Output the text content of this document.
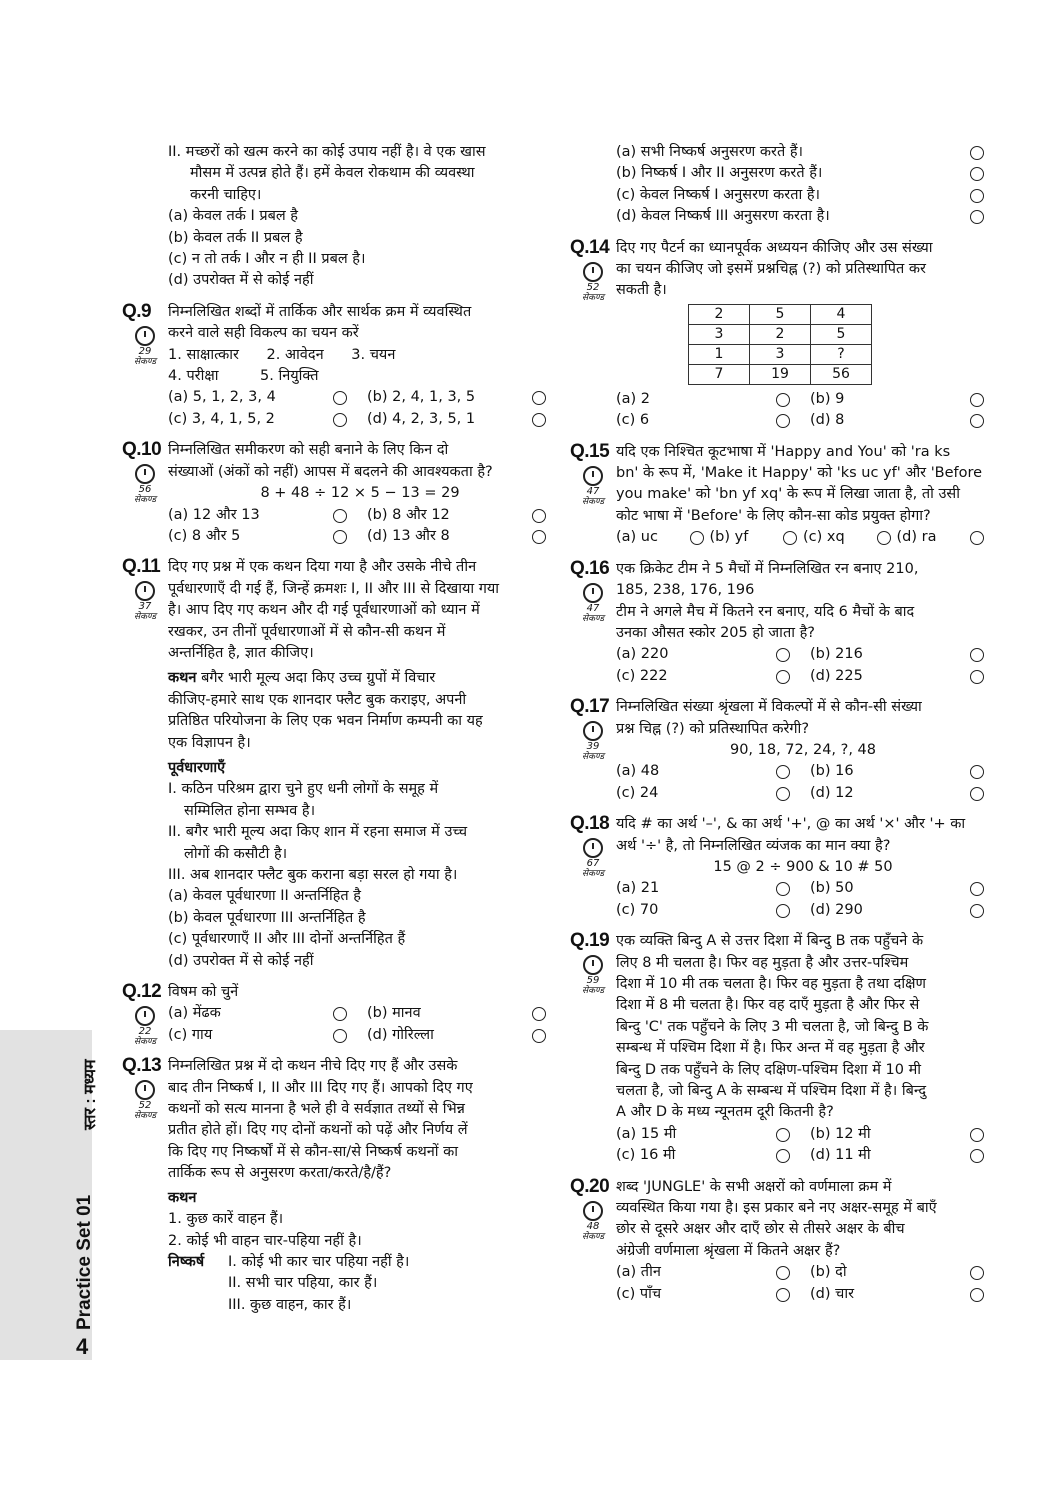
II. मच्छरों को खत्म करने का कोई उपाय नहीं है। वे एक खास

मौसम में उत्पन्न होते हैं। हमें केवल रोकथाम की व्यवस्था

करनी चाहिए।

(a) केवल तर्क I प्रबल है

(b) केवल तर्क II प्रबल है

(c) न तो तर्क I और न ही II प्रबल है।

(d) उपरोक्त में से कोई नहीं

Q.9
29
सेकण्ड

निम्नलिखित शब्दों में तार्किक और सार्थक क्रम में व्यवस्थित

करने वाले सही विकल्प का चयन करें

1. साक्षात्कार 2. आवेदन 3. चयन

4. परीक्षा	5. नियुक्ति

(a) 5, 1, 2, 3, 4	(b) 2, 4, 1, 3, 5
(c) 3, 4, 1, 5, 2	(d) 4, 2, 3, 5, 1
Q.10
56
सेकण्ड

निम्नलिखित समीकरण को सही बनाने के लिए किन दो

संख्याओं (अंकों को नहीं) आपस में बदलने की आवश्यकता है?

8 + 48 ÷ 12 × 5 − 13 = 29

(a) 12 और 13	(b) 8 और 12
(c) 8 और 5	(d) 13 और 8
Q.11
37
सेकण्ड

दिए गए प्रश्न में एक कथन दिया गया है और उसके नीचे तीन

पूर्वधारणाएँ दी गई हैं, जिन्हें क्रमशः I, II और III से दिखाया गया

है। आप दिए गए कथन और दी गई पूर्वधारणाओं को ध्यान में

रखकर, उन तीनों पूर्वधारणाओं में से कौन-सी कथन में

अन्तर्निहित है, ज्ञात कीजिए।

कथन बगैर भारी मूल्य अदा किए उच्च ग्रुपों में विचार

कीजिए-हमारे साथ एक शानदार फ्लैट बुक कराइए, अपनी

प्रतिष्ठित परियोजना के लिए एक भवन निर्माण कम्पनी का यह

एक विज्ञापन है।

पूर्वधारणाएँ

I. कठिन परिश्रम द्वारा चुने हुए धनी लोगों के समूह में

सम्मिलित होना सम्भव है।

II. बगैर भारी मूल्य अदा किए शान में रहना समाज में उच्च

लोगों की कसौटी है।

III. अब शानदार फ्लैट बुक कराना बड़ा सरल हो गया है।

(a) केवल पूर्वधारणा II अन्तर्निहित है

(b) केवल पूर्वधारणा III अन्तर्निहित है

(c) पूर्वधारणाएँ II और III दोनों अन्तर्निहित हैं

(d) उपरोक्त में से कोई नहीं

Q.12
22
सेकण्ड

विषम को चुनें

(a) मेंढक	(b) मानव
(c) गाय	(d) गोरिल्ला
Q.13
52
सेकण्ड

निम्नलिखित प्रश्न में दो कथन नीचे दिए गए हैं और उसके

बाद तीन निष्कर्ष I, II और III दिए गए हैं। आपको दिए गए

कथनों को सत्य मानना है भले ही वे सर्वज्ञात तथ्यों से भिन्न

प्रतीत होते हों। दिए गए दोनों कथनों को पढ़ें और निर्णय लें

कि दिए गए निष्कर्षों में से कौन-सा/से निष्कर्ष कथनों का

तार्किक रूप से अनुसरण करता/करते/है/हैं?

कथन

1. कुछ कारें वाहन हैं।

2. कोई भी वाहन चार-पहिया नहीं है।

निष्कर्ष	I. कोई भी कार चार पहिया नहीं है।

II. सभी चार पहिया, कार हैं।

III. कुछ वाहन, कार हैं।

(a) सभी निष्कर्ष अनुसरण करते हैं।
(b) निष्कर्ष I और II अनुसरण करते हैं।
(c) केवल निष्कर्ष I अनुसरण करता है।
(d) केवल निष्कर्ष III अनुसरण करता है।
Q.14
52
सेकण्ड

दिए गए पैटर्न का ध्यानपूर्वक अध्ययन कीजिए और उस संख्या

का चयन कीजिए जो इसमें प्रश्नचिह्न (?) को प्रतिस्थापित कर

सकती है।

2	5	4
3	2	5
1	3	?
7	19	56
(a) 2	(b) 9
(c) 6	(d) 8
Q.15
47
सेकण्ड

यदि एक निश्चित कूटभाषा में 'Happy and You' को 'ra ks

bn' के रूप में, 'Make it Happy' को 'ks uc yf' और 'Before

you make' को 'bn yf xq' के रूप में लिखा जाता है, तो उसी

कोट भाषा में 'Before' के लिए कौन-सा कोड प्रयुक्त होगा?

(a) uc	(b) yf	(c) xq	(d) ra
Q.16
47
सेकण्ड

एक क्रिकेट टीम ने 5 मैचों में निम्नलिखित रन बनाए 210,

185, 238, 176, 196

टीम ने अगले मैच में कितने रन बनाए, यदि 6 मैचों के बाद

उनका औसत स्कोर 205 हो जाता है?

(a) 220	(b) 216
(c) 222	(d) 225
Q.17
39
सेकण्ड

निम्नलिखित संख्या श्रृंखला में विकल्पों में से कौन-सी संख्या

प्रश्न चिह्न (?) को प्रतिस्थापित करेगी?

90, 18, 72, 24, ?, 48

(a) 48	(b) 16
(c) 24	(d) 12
Q.18
67
सेकण्ड

यदि # का अर्थ '–', & का अर्थ '+', @ का अर्थ '×' और '+ का

अर्थ '÷' है, तो निम्नलिखित व्यंजक का मान क्या है?

15 @ 2 ÷ 900 & 10 # 50

(a) 21	(b) 50
(c) 70	(d) 290
Q.19
59
सेकण्ड

एक व्यक्ति बिन्दु A से उत्तर दिशा में बिन्दु B तक पहुँचने के

लिए 8 मी चलता है। फिर वह मुड़ता है और उत्तर-पश्चिम

दिशा में 10 मी तक चलता है। फिर वह मुड़ता है तथा दक्षिण

दिशा में 8 मी चलता है। फिर वह दाएँ मुड़ता है और फिर से

बिन्दु 'C' तक पहुँचने के लिए 3 मी चलता है, जो बिन्दु B के

सम्बन्ध में पश्चिम दिशा में है। फिर अन्त में वह मुड़ता है और

बिन्दु D तक पहुँचने के लिए दक्षिण-पश्चिम दिशा में 10 मी

चलता है, जो बिन्दु A के सम्बन्ध में पश्चिम दिशा में है। बिन्दु

A और D के मध्य न्यूनतम दूरी कितनी है?

(a) 15 मी	(b) 12 मी
(c) 16 मी	(d) 11 मी
Q.20
48
सेकण्ड

शब्द 'JUNGLE' के सभी अक्षरों को वर्णमाला क्रम में

व्यवस्थित किया गया है। इस प्रकार बने नए अक्षर-समूह में बाएँ

छोर से दूसरे अक्षर और दाएँ छोर से तीसरे अक्षर के बीच

अंग्रेजी वर्णमाला श्रृंखला में कितने अक्षर हैं?

(a) तीन	(b) दो
(c) पाँच	(d) चार
स्तर : मध्यम
Practice Set 01
4
